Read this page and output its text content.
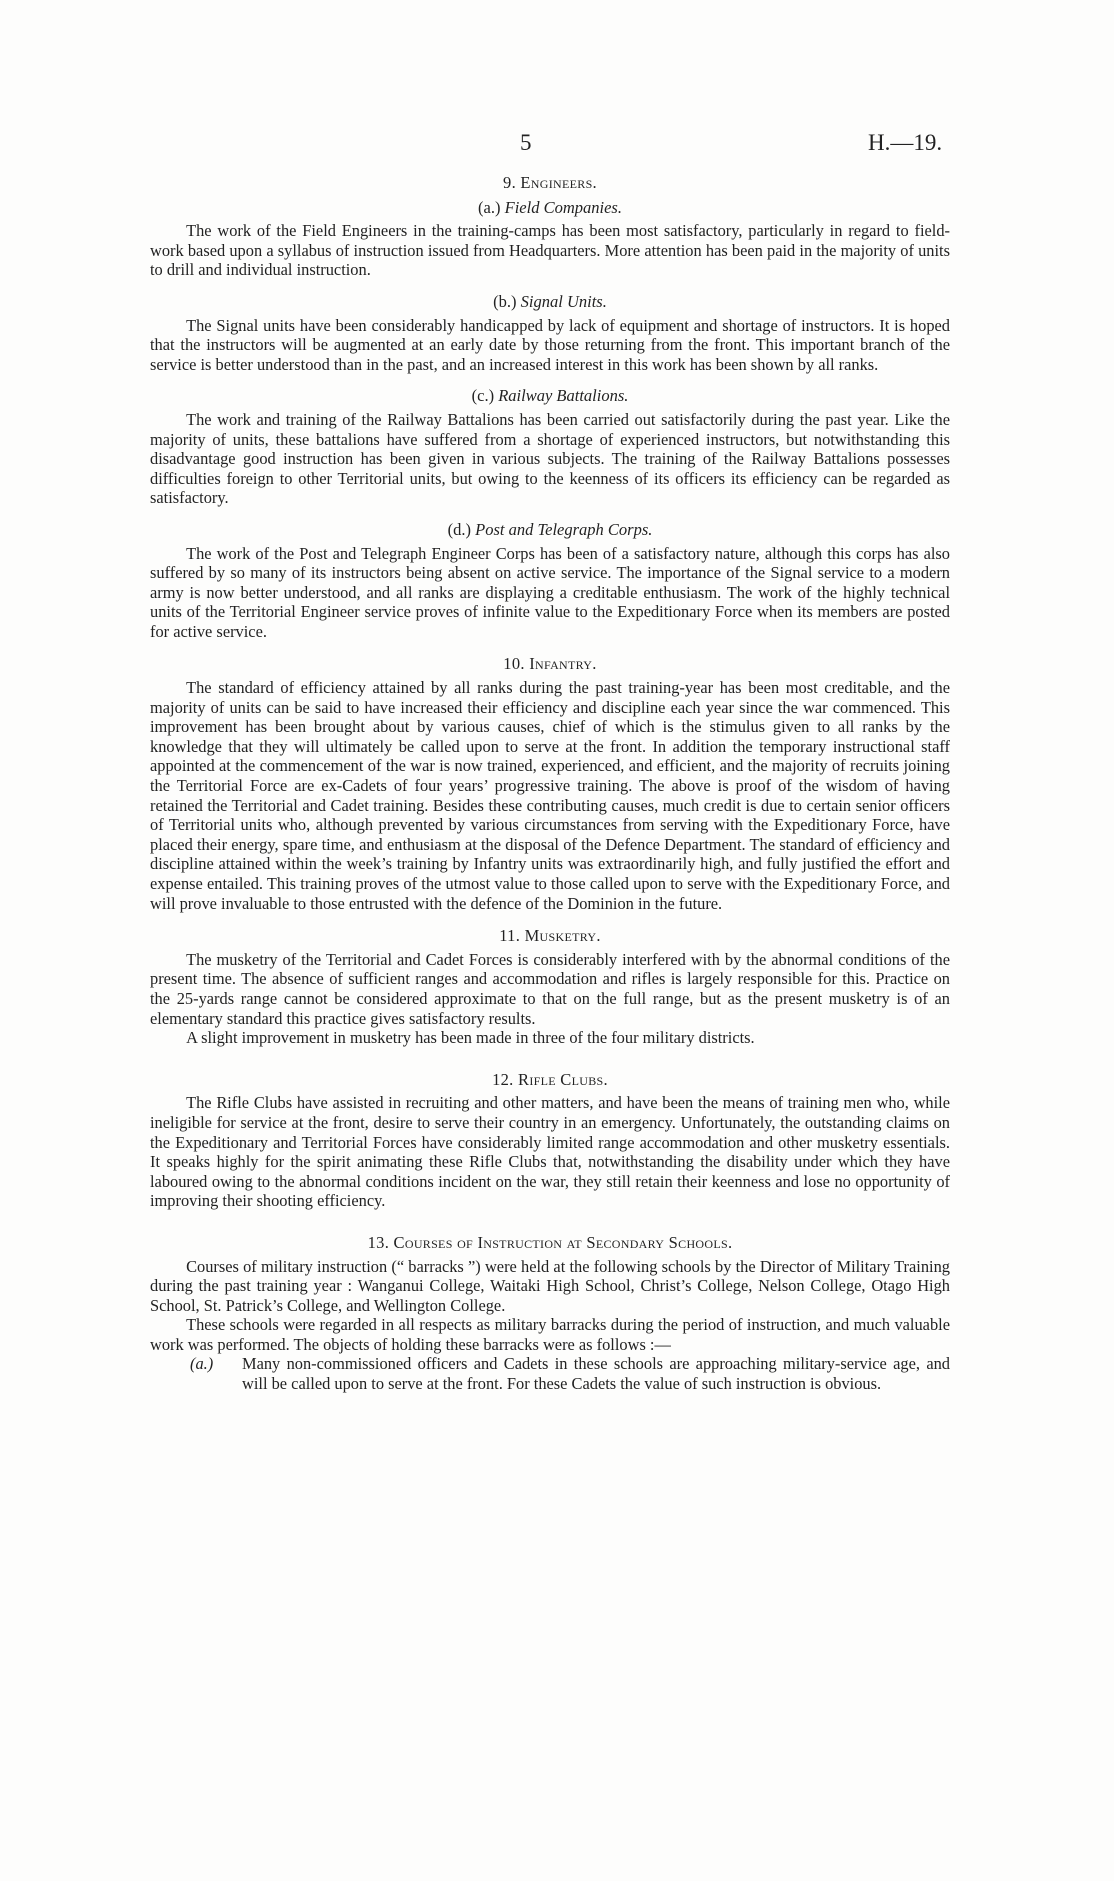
5	H.—19.
9. Engineers.
(a.) Field Companies.

The work of the Field Engineers in the training-camps has been most satisfactory, particularly in regard to field-work based upon a syllabus of instruction issued from Headquarters. More attention has been paid in the majority of units to drill and individual instruction.

(b.) Signal Units.

The Signal units have been considerably handicapped by lack of equipment and shortage of instructors. It is hoped that the instructors will be augmented at an early date by those returning from the front. This important branch of the service is better understood than in the past, and an increased interest in this work has been shown by all ranks.

(c.) Railway Battalions.

The work and training of the Railway Battalions has been carried out satisfactorily during the past year. Like the majority of units, these battalions have suffered from a shortage of experienced instructors, but notwithstanding this disadvantage good instruction has been given in various subjects. The training of the Railway Battalions possesses difficulties foreign to other Territorial units, but owing to the keenness of its officers its efficiency can be regarded as satisfactory.

(d.) Post and Telegraph Corps.

The work of the Post and Telegraph Engineer Corps has been of a satisfactory nature, although this corps has also suffered by so many of its instructors being absent on active service. The importance of the Signal service to a modern army is now better understood, and all ranks are displaying a creditable enthusiasm. The work of the highly technical units of the Territorial Engineer service proves of infinite value to the Expeditionary Force when its members are posted for active service.

10. Infantry.

The standard of efficiency attained by all ranks during the past training-year has been most creditable, and the majority of units can be said to have increased their efficiency and discipline each year since the war commenced. This improvement has been brought about by various causes, chief of which is the stimulus given to all ranks by the knowledge that they will ultimately be called upon to serve at the front. In addition the temporary instructional staff appointed at the commencement of the war is now trained, experienced, and efficient, and the majority of recruits joining the Territorial Force are ex-Cadets of four years’ progressive training. The above is proof of the wisdom of having retained the Territorial and Cadet training. Besides these contributing causes, much credit is due to certain senior officers of Territorial units who, although prevented by various circumstances from serving with the Expeditionary Force, have placed their energy, spare time, and enthusiasm at the disposal of the Defence Department. The standard of efficiency and discipline attained within the week’s training by Infantry units was extraordinarily high, and fully justified the effort and expense entailed. This training proves of the utmost value to those called upon to serve with the Expeditionary Force, and will prove invaluable to those entrusted with the defence of the Dominion in the future.

11. Musketry.

The musketry of the Territorial and Cadet Forces is considerably interfered with by the abnormal conditions of the present time. The absence of sufficient ranges and accommodation and rifles is largely responsible for this. Practice on the 25-yards range cannot be considered approximate to that on the full range, but as the present musketry is of an elementary standard this practice gives satisfactory results.

A slight improvement in musketry has been made in three of the four military districts.

12. Rifle Clubs.

The Rifle Clubs have assisted in recruiting and other matters, and have been the means of training men who, while ineligible for service at the front, desire to serve their country in an emergency. Unfortunately, the outstanding claims on the Expeditionary and Territorial Forces have considerably limited range accommodation and other musketry essentials. It speaks highly for the spirit animating these Rifle Clubs that, notwithstanding the disability under which they have laboured owing to the abnormal conditions incident on the war, they still retain their keenness and lose no opportunity of improving their shooting efficiency.

13. Courses of Instruction at Secondary Schools.

Courses of military instruction (“ barracks ”) were held at the following schools by the Director of Military Training during the past training year : Wanganui College, Waitaki High School, Christ’s College, Nelson College, Otago High School, St. Patrick’s College, and Wellington College.

These schools were regarded in all respects as military barracks during the period of instruction, and much valuable work was performed. The objects of holding these barracks were as follows :—

(a.)	Many non-commissioned officers and Cadets in these schools are approaching military-service age, and will be called upon to serve at the front. For these Cadets the value of such instruction is obvious.
